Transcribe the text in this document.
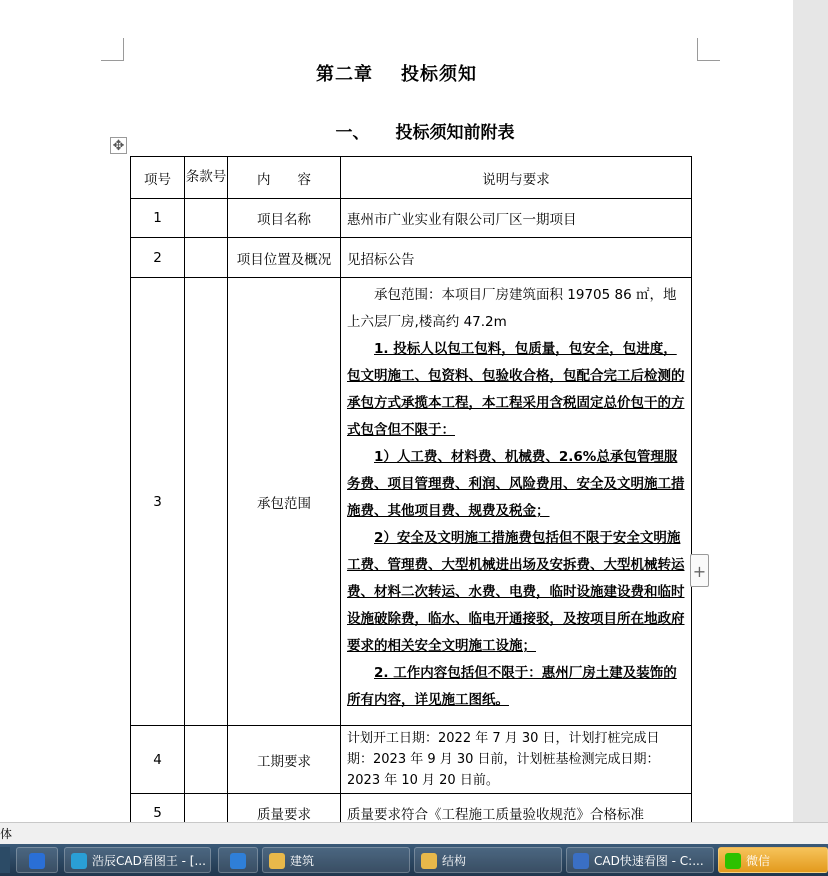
第二章 投标须知
一、 投标须知前附表
✥
项号	条款号	内　　容	说明与要求
1		项目名称	惠州市广业实业有限公司厂区一期项目
2		项目位置及概况	见招标公告
3		承包范围	承包范围：本项目厂房建筑面积 19705 86 ㎡，地上六层厂房,楼高约 47.2m

1. 投标人以包工包料，包质量，包安全，包进度，包文明施工、包资料、包验收合格，包配合完工后检测的承包方式承揽本工程，本工程采用含税固定总价包干的方式包含但不限于：

1）人工费、材料费、机械费、2.6%总承包管理服务费、项目管理费、利润、风险费用、安全及文明施工措施费、其他项目费、规费及税金；

2）安全及文明施工措施费包括但不限于安全文明施工费、管理费、大型机械进出场及安拆费、大型机械转运费、材料二次转运、水费、电费，临时设施建设费和临时设施破除费，临水、临电开通接驳，及按项目所在地政府要求的相关安全文明施工设施；

2. 工作内容包括但不限于：惠州厂房土建及装饰的所有内容，详见施工图纸。

4		工期要求	计划开工日期：2022 年 7 月 30 日，计划打桩完成日期：2023 年 9 月 30 日前，计划桩基检测完成日期：2023 年 10 月 20 日前。
5		质量要求	质量要求符合《工程施工质量验收规范》合格标准
+
体
浩辰CAD看图王 - [...	建筑	结构	CAD快速看图 - C:...	微信
